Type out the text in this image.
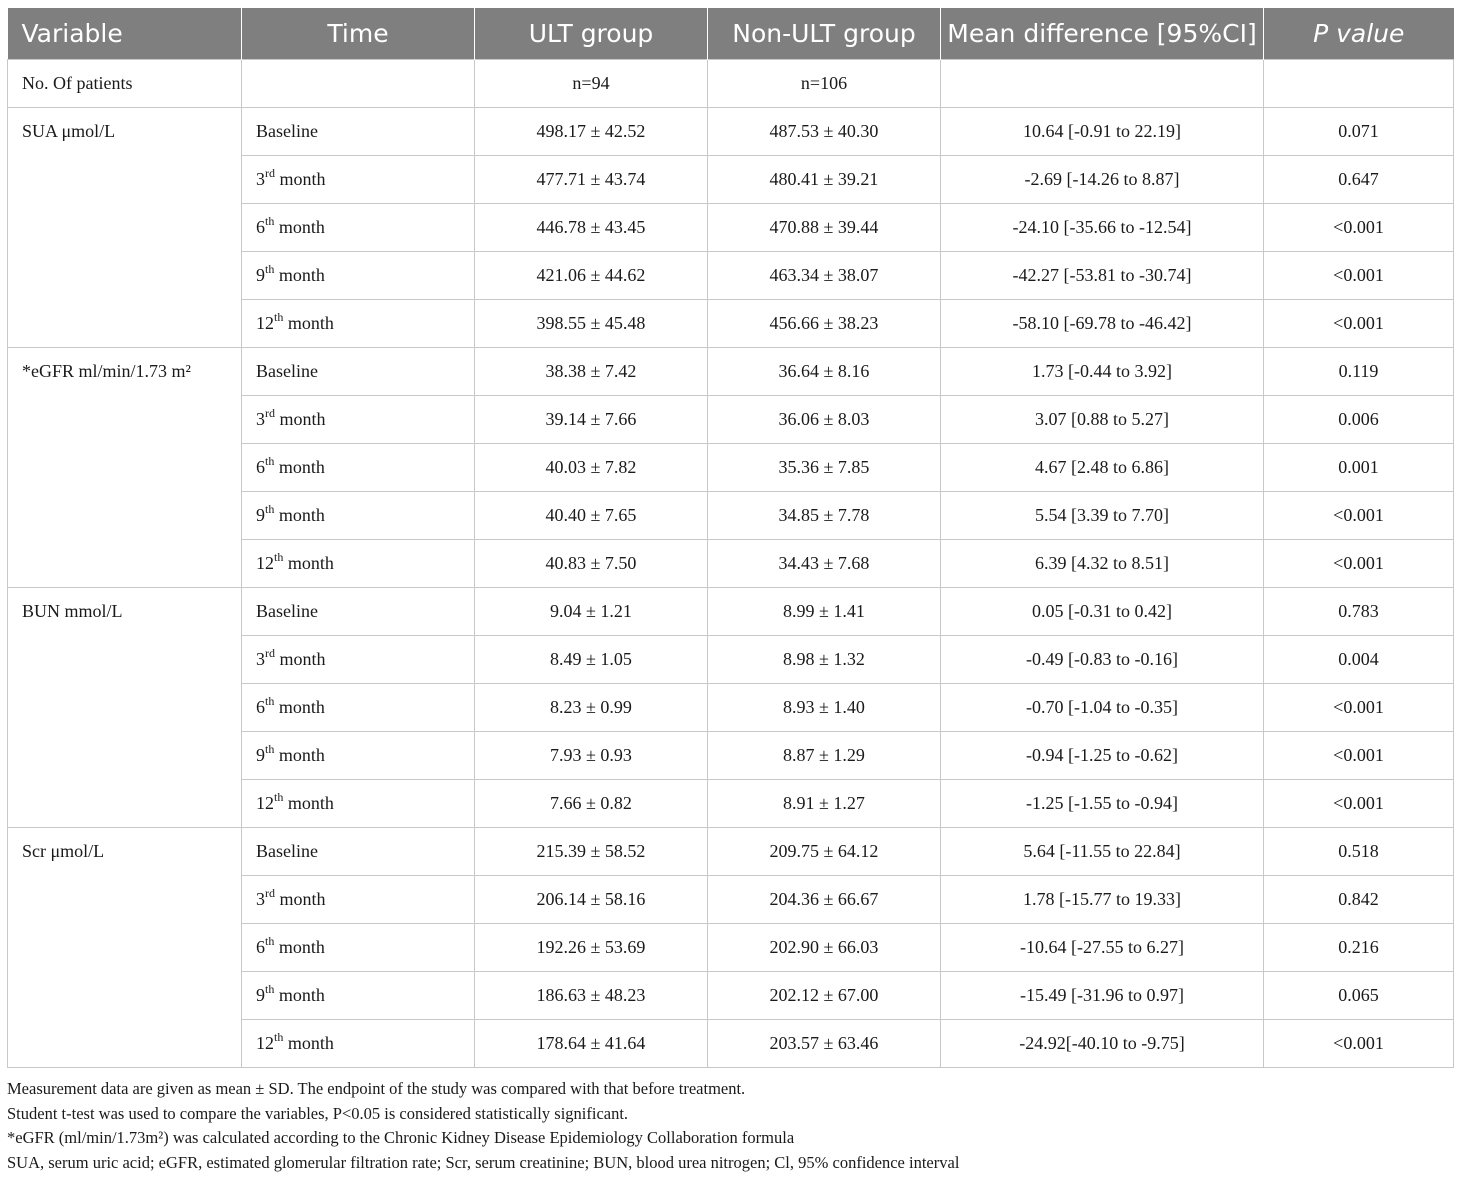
Variable	Time	ULT group	Non-ULT group	Mean difference [95%CI]	P value
No. Of patients		n=94	n=106		
SUA μmol/L	Baseline	498.17 ± 42.52	487.53 ± 40.30	10.64 [-0.91 to 22.19]	0.071
	3rd month	477.71 ± 43.74	480.41 ± 39.21	-2.69 [-14.26 to 8.87]	0.647
	6th month	446.78 ± 43.45	470.88 ± 39.44	-24.10 [-35.66 to -12.54]	<0.001
	9th month	421.06 ± 44.62	463.34 ± 38.07	-42.27 [-53.81 to -30.74]	<0.001
	12th month	398.55 ± 45.48	456.66 ± 38.23	-58.10 [-69.78 to -46.42]	<0.001
*eGFR ml/min/1.73 m²	Baseline	38.38 ± 7.42	36.64 ± 8.16	1.73 [-0.44 to 3.92]	0.119
	3rd month	39.14 ± 7.66	36.06 ± 8.03	3.07 [0.88 to 5.27]	0.006
	6th month	40.03 ± 7.82	35.36 ± 7.85	4.67 [2.48 to 6.86]	0.001
	9th month	40.40 ± 7.65	34.85 ± 7.78	5.54 [3.39 to 7.70]	<0.001
	12th month	40.83 ± 7.50	34.43 ± 7.68	6.39 [4.32 to 8.51]	<0.001
BUN mmol/L	Baseline	9.04 ± 1.21	8.99 ± 1.41	0.05 [-0.31 to 0.42]	0.783
	3rd month	8.49 ± 1.05	8.98 ± 1.32	-0.49 [-0.83 to -0.16]	0.004
	6th month	8.23 ± 0.99	8.93 ± 1.40	-0.70 [-1.04 to -0.35]	<0.001
	9th month	7.93 ± 0.93	8.87 ± 1.29	-0.94 [-1.25 to -0.62]	<0.001
	12th month	7.66 ± 0.82	8.91 ± 1.27	-1.25 [-1.55 to -0.94]	<0.001
Scr μmol/L	Baseline	215.39 ± 58.52	209.75 ± 64.12	5.64 [-11.55 to 22.84]	0.518
	3rd month	206.14 ± 58.16	204.36 ± 66.67	1.78 [-15.77 to 19.33]	0.842
	6th month	192.26 ± 53.69	202.90 ± 66.03	-10.64 [-27.55 to 6.27]	0.216
	9th month	186.63 ± 48.23	202.12 ± 67.00	-15.49 [-31.96 to 0.97]	0.065
	12th month	178.64 ± 41.64	203.57 ± 63.46	-24.92[-40.10 to -9.75]	<0.001
Measurement data are given as mean ± SD. The endpoint of the study was compared with that before treatment.
Student t-test was used to compare the variables, P<0.05 is considered statistically significant.
*eGFR (ml/min/1.73m²) was calculated according to the Chronic Kidney Disease Epidemiology Collaboration formula
SUA, serum uric acid; eGFR, estimated glomerular filtration rate; Scr, serum creatinine; BUN, blood urea nitrogen; Cl, 95% confidence interval
